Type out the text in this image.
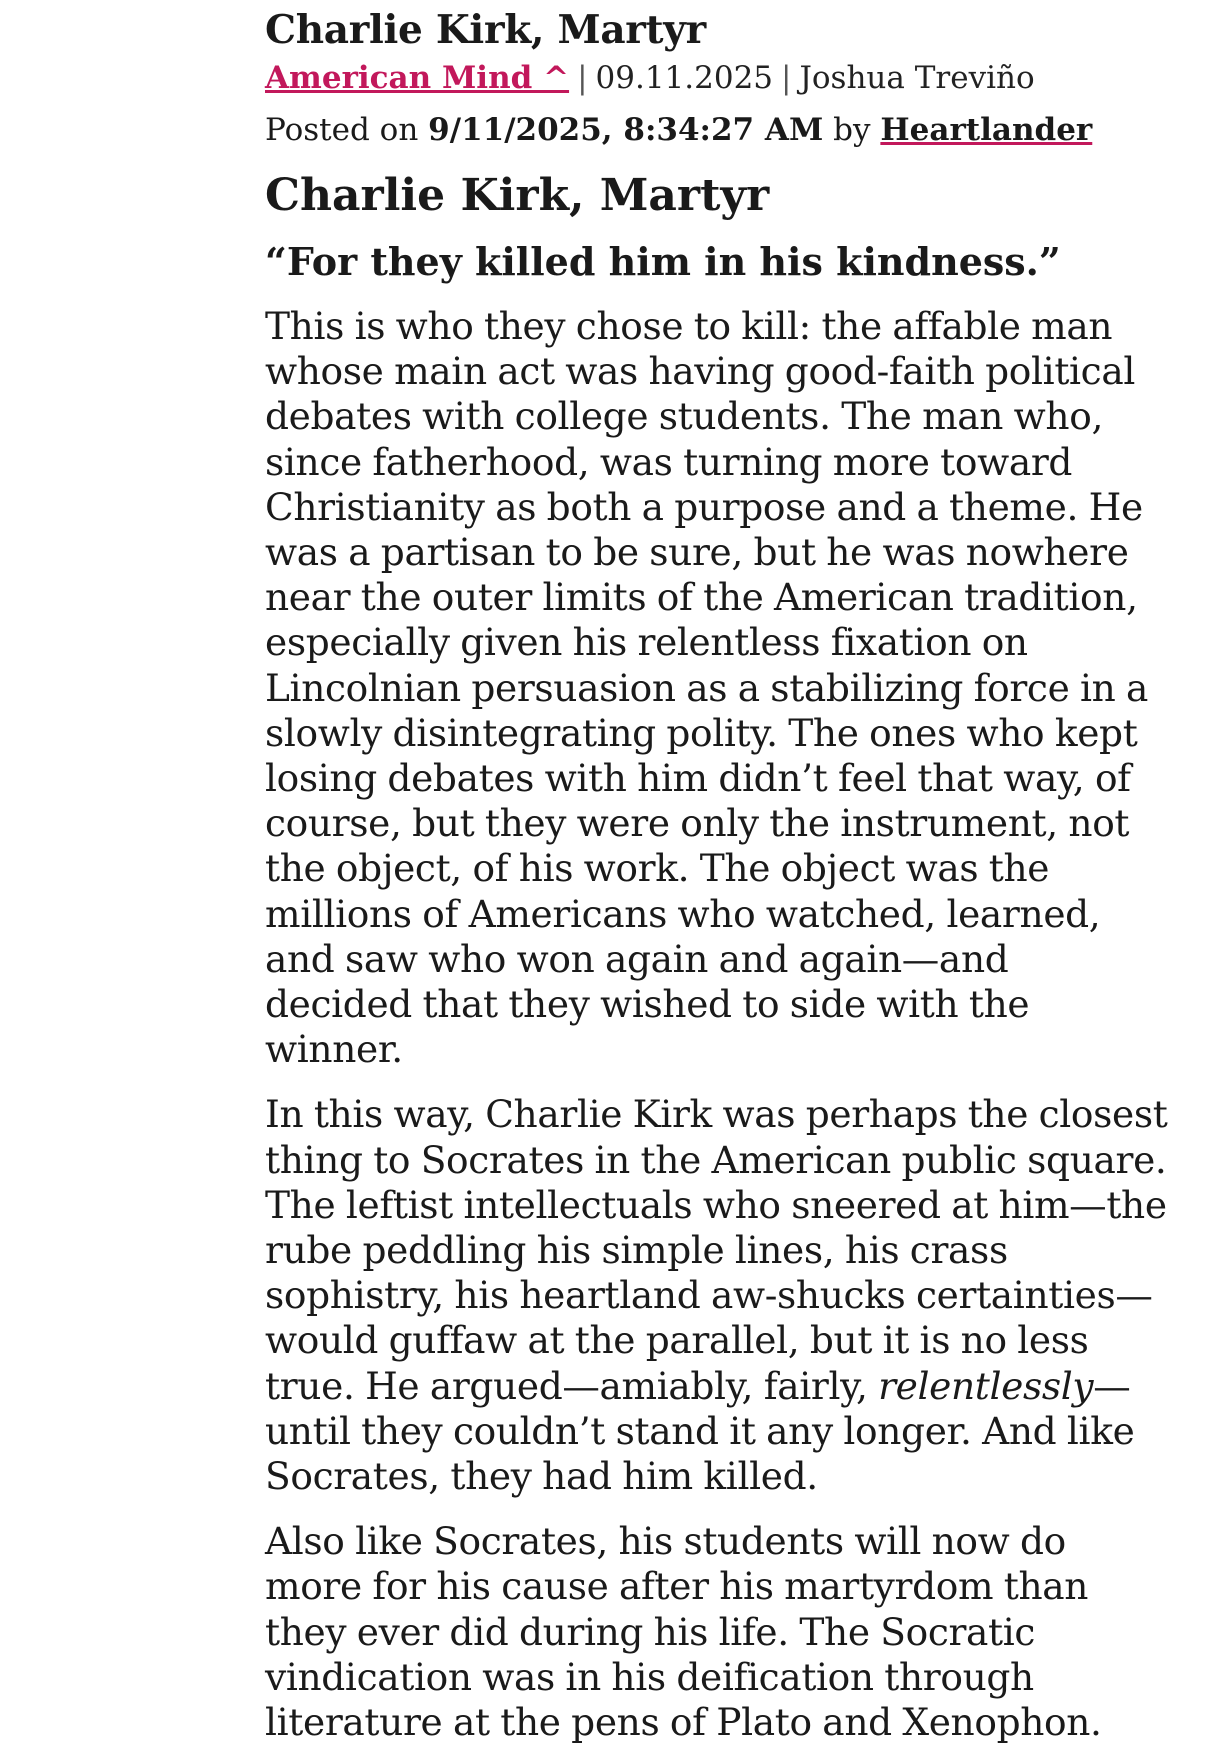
Charlie Kirk, Martyr
American Mind ^ | 09.11.2025 | Joshua Treviño
Posted on 9/11/2025, 8:34:27 AM by Heartlander
Charlie Kirk, Martyr
“For they killed him in his kindness.”
This is who they chose to kill: the affable man
whose main act was having good-faith political
debates with college students. The man who,
since fatherhood, was turning more toward
Christianity as both a purpose and a theme. He
was a partisan to be sure, but he was nowhere
near the outer limits of the American tradition,
especially given his relentless fixation on
Lincolnian persuasion as a stabilizing force in a
slowly disintegrating polity. The ones who kept
losing debates with him didn’t feel that way, of
course, but they were only the instrument, not
the object, of his work. The object was the
millions of Americans who watched, learned,
and saw who won again and again—and
decided that they wished to side with the
winner.
In this way, Charlie Kirk was perhaps the closest
thing to Socrates in the American public square.
The leftist intellectuals who sneered at him—the
rube peddling his simple lines, his crass
sophistry, his heartland aw-shucks certainties—
would guffaw at the parallel, but it is no less
true. He argued—amiably, fairly, relentlessly—
until they couldn’t stand it any longer. And like
Socrates, they had him killed.
Also like Socrates, his students will now do
more for his cause after his martyrdom than
they ever did during his life. The Socratic
vindication was in his deification through
literature at the pens of Plato and Xenophon.
